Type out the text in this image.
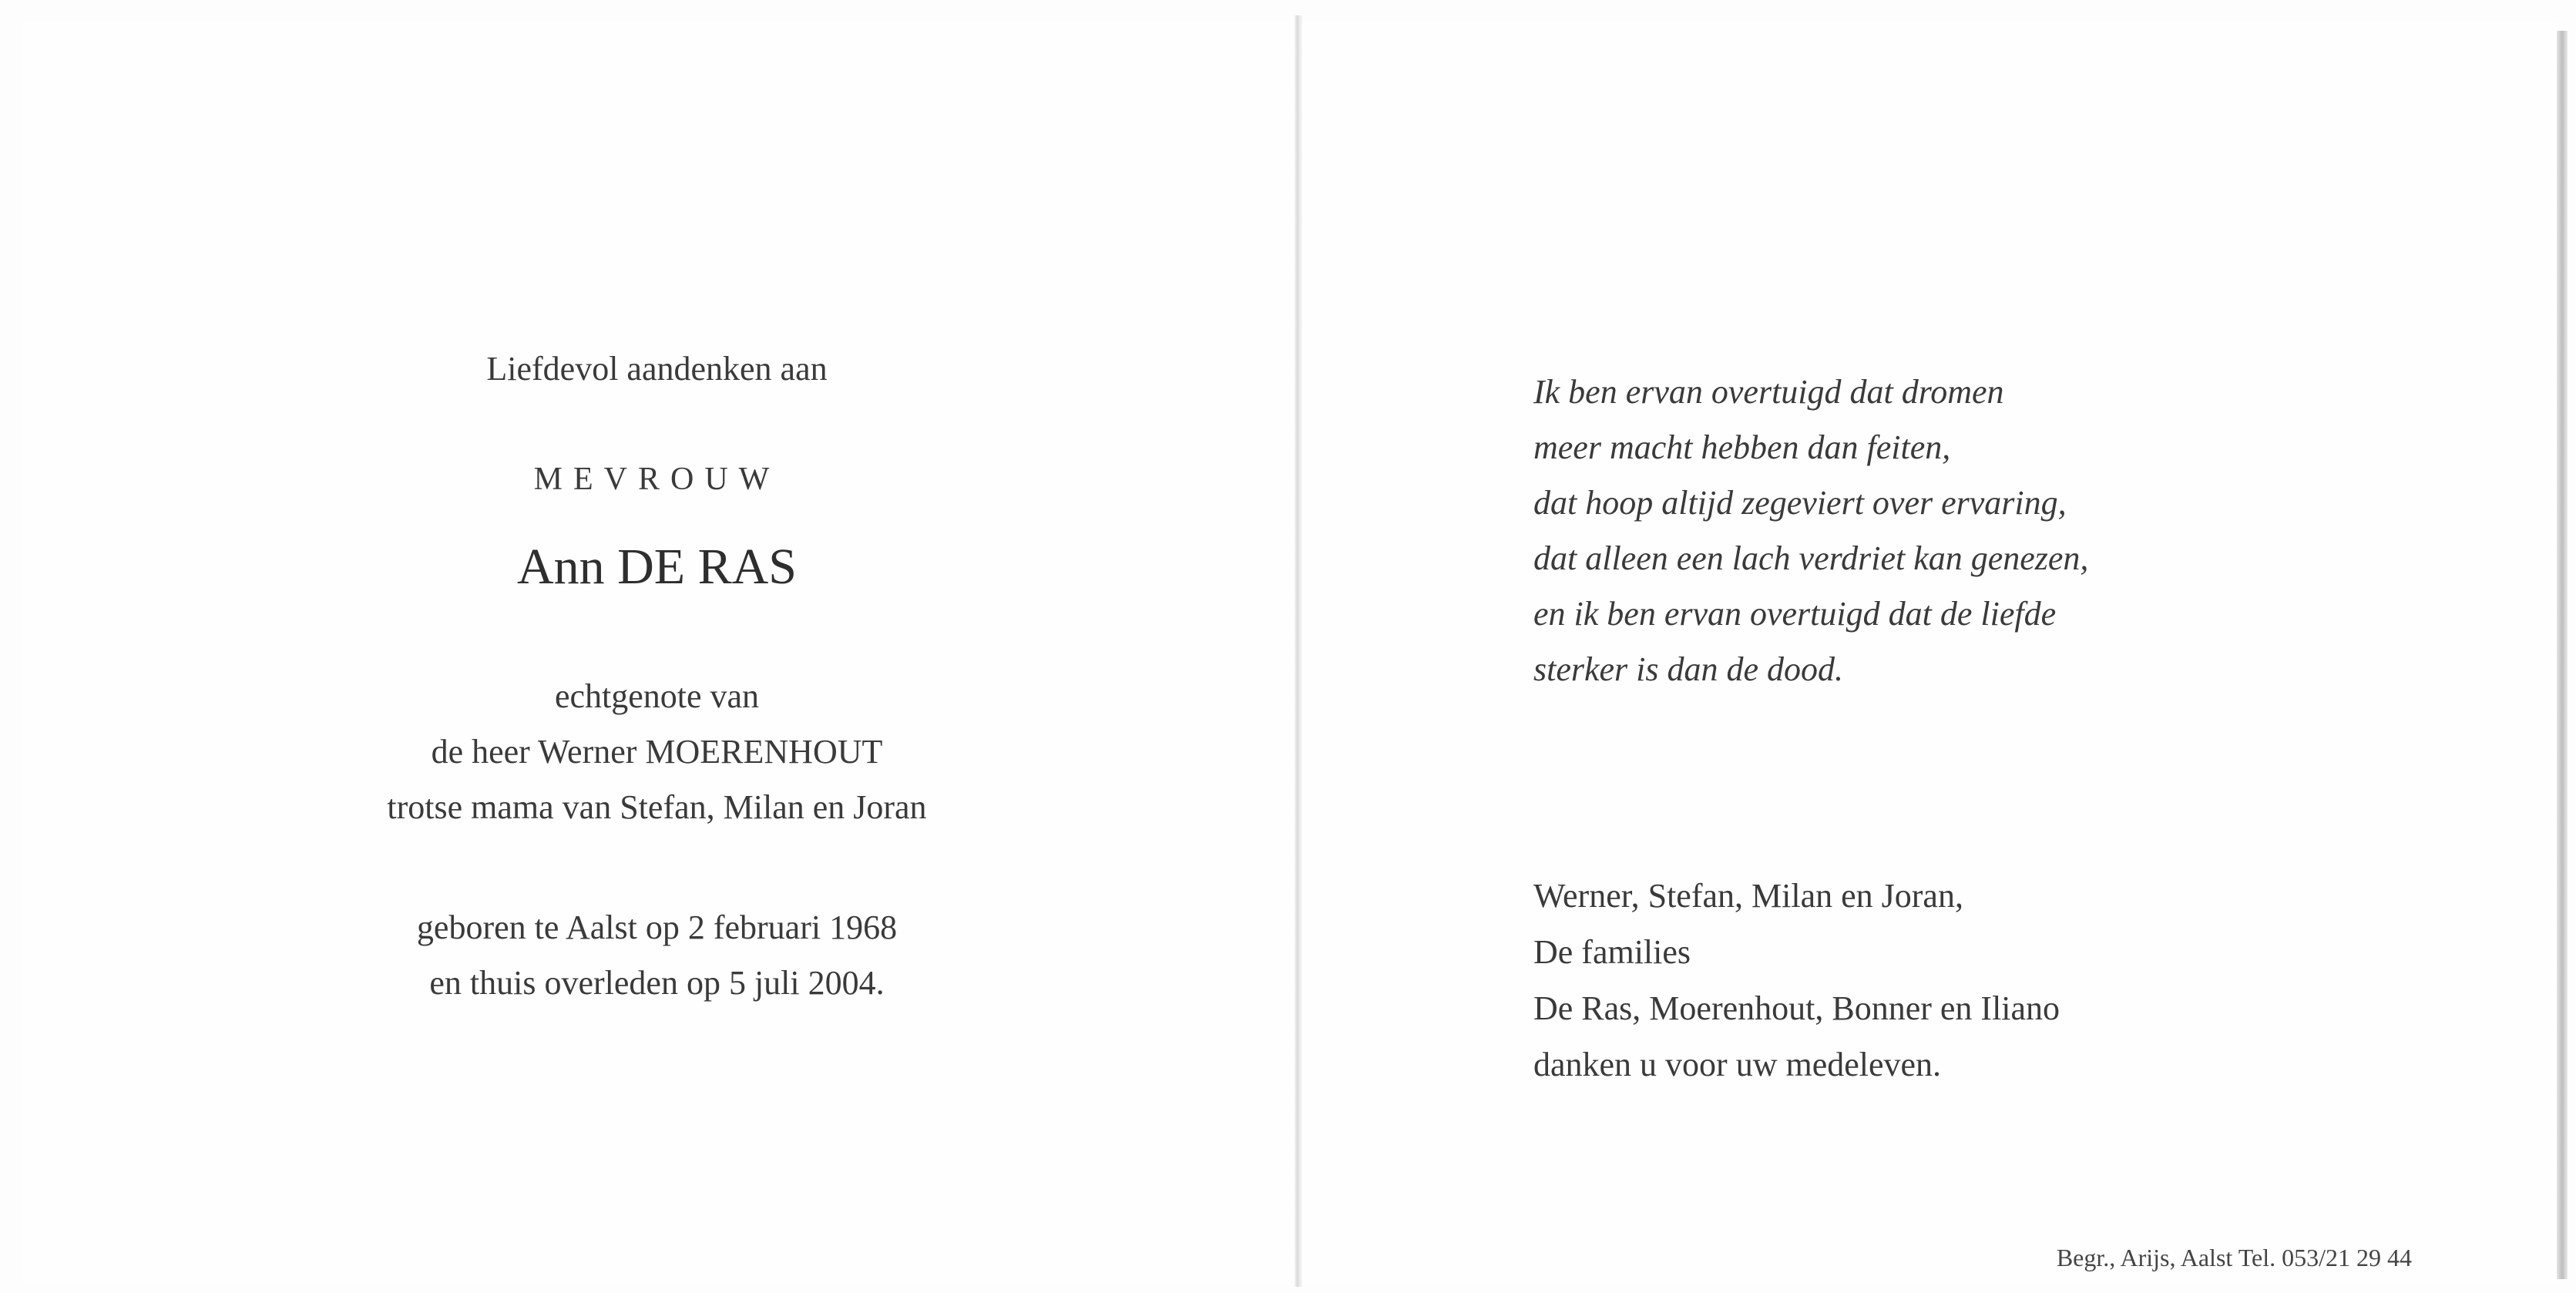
Liefdevol aandenken aan
MEVROUW
Ann DE RAS
echtgenote van
de heer Werner MOERENHOUT
trotse mama van Stefan, Milan en Joran
geboren te Aalst op 2 februari 1968
en thuis overleden op 5 juli 2004.
Ik ben ervan overtuigd dat dromen
meer macht hebben dan feiten,
dat hoop altijd zegeviert over ervaring,
dat alleen een lach verdriet kan genezen,
en ik ben ervan overtuigd dat de liefde
sterker is dan de dood.
Werner, Stefan, Milan en Joran,
De families
De Ras, Moerenhout, Bonner en Iliano
danken u voor uw medeleven.
Begr., Arijs, Aalst Tel. 053/21 29 44
